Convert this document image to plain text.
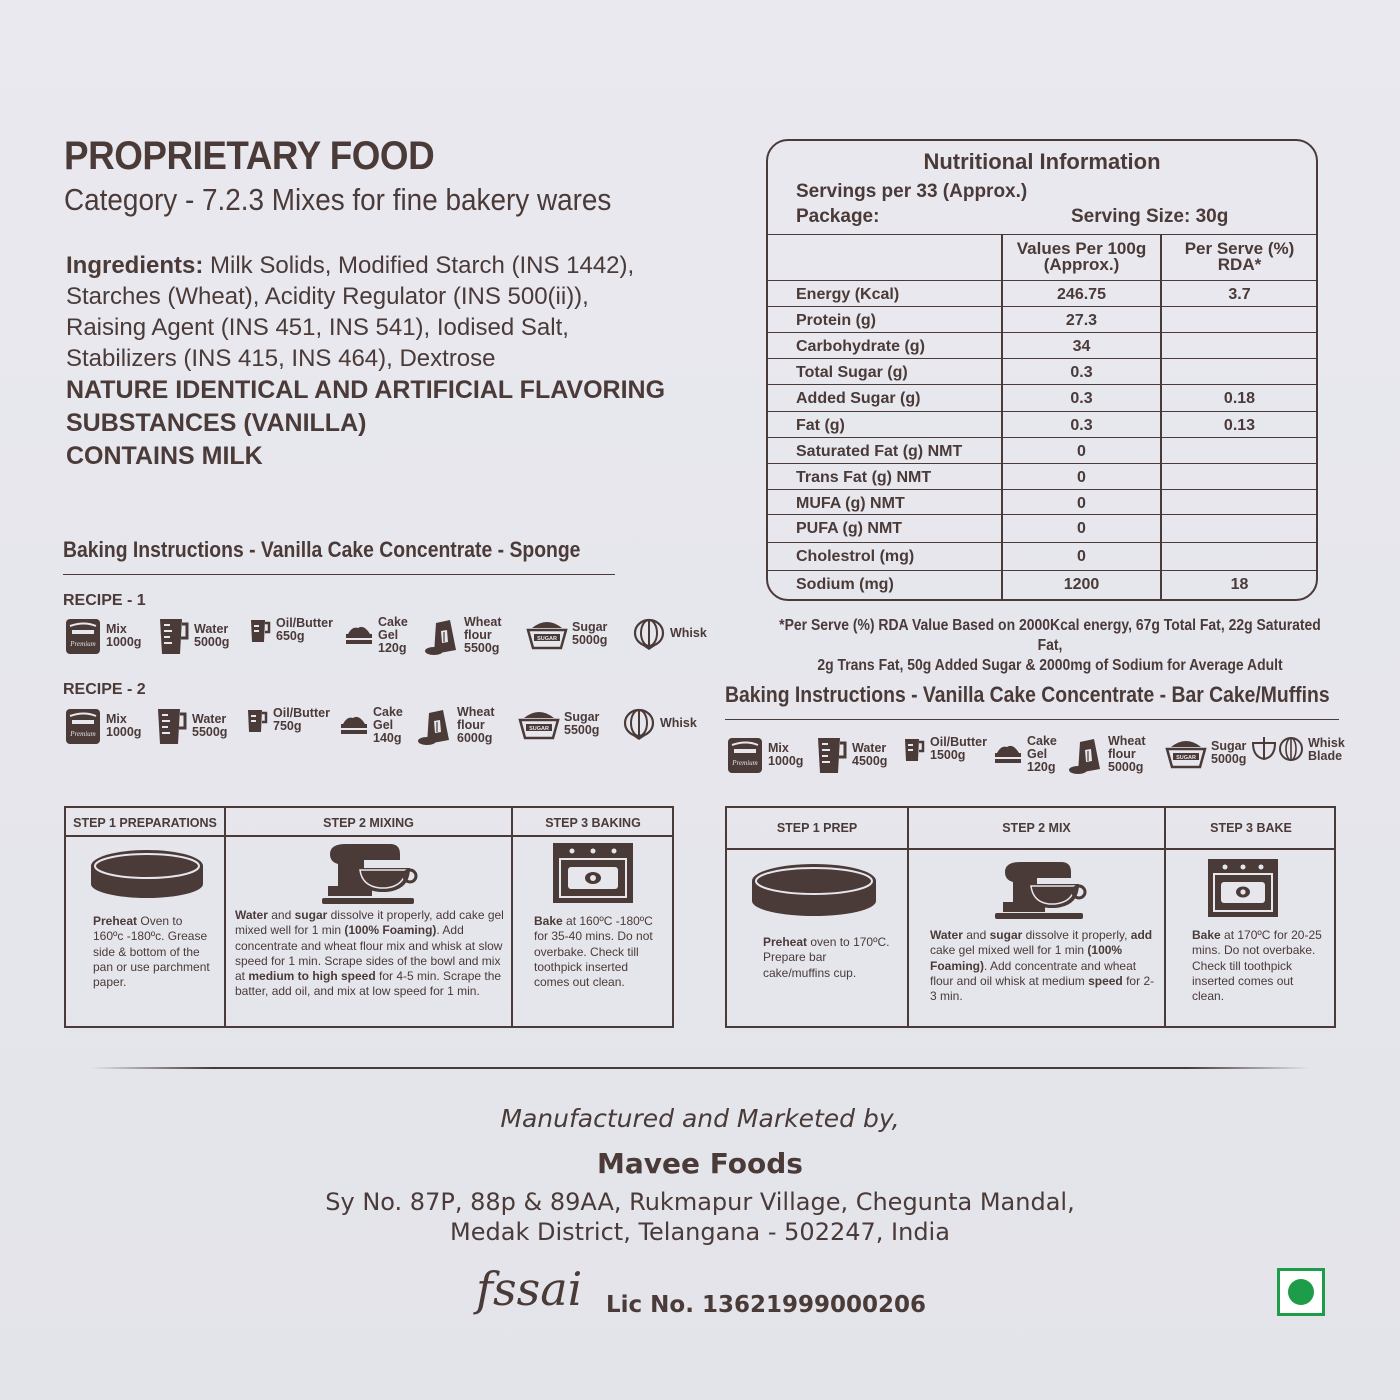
PROPRIETARY FOOD
Category - 7.2.3 Mixes for fine bakery wares
Ingredients: Milk Solids, Modified Starch (INS 1442),
Starches (Wheat), Acidity Regulator (INS 500(ii)),
Raising Agent (INS 451, INS 541), Iodised Salt,
Stabilizers (INS 415, INS 464), Dextrose
NATURE IDENTICAL AND ARTIFICIAL FLAVORING
SUBSTANCES (VANILLA)
CONTAINS MILK
Nutritional Information
Servings per 33 (Approx.)
Package:	Serving Size: 30g
Values Per 100g
(Approx.)
Per Serve (%)
RDA*
Energy (Kcal)	246.75	3.7
Protein (g)	27.3
Carbohydrate (g)	34
Total Sugar (g)	0.3
Added Sugar (g)	0.3	0.18
Fat (g)	0.3	0.13
Saturated Fat (g) NMT	0
Trans Fat (g) NMT	0
MUFA (g) NMT	0
PUFA (g) NMT	0
Cholestrol (mg)	0
Sodium (mg)	1200	18
*Per Serve (%) RDA Value Based on 2000Kcal energy, 67g Total Fat, 22g Saturated Fat,
2g Trans Fat, 50g Added Sugar & 2000mg of Sodium for Average Adult
Baking Instructions - Vanilla Cake Concentrate - Sponge
RECIPE - 1
RECIPE - 2
Premium
Mix
1000g
Water
5000g
Oil/Butter
650g
Cake
Gel
120g
Wheat
flour
5500g
SUGAR
Sugar
5000g
Whisk
Premium
Mix
1000g
Water
5500g
Oil/Butter
750g
Cake
Gel
140g
Wheat
flour
6000g
SUGAR
Sugar
5500g
Whisk
Baking Instructions - Vanilla Cake Concentrate - Bar Cake/Muffins
Premium
Mix
1000g
Water
4500g
Oil/Butter
1500g
Cake
Gel
120g
Wheat
flour
5000g
SUGAR
Sugar
5000g
Whisk
Blade
STEP 1 PREPARATIONS	STEP 2 MIXING	STEP 3 BAKING
Preheat Oven to 160ºc -180ºc. Grease side & bottom of the pan or use parchment paper.
Water and sugar dissolve it properly, add cake gel mixed well for 1 min (100% Foaming). Add concentrate and wheat flour mix and whisk at slow speed for 1 min. Scrape sides of the bowl and mix at medium to high speed for 4-5 min. Scrape the batter, add oil, and mix at low speed for 1 min.
Bake at 160ºC -180ºC for 35-40 mins. Do not overbake. Check till toothpick inserted comes out clean.
STEP 1 PREP	STEP 2 MIX	STEP 3 BAKE
Preheat oven to 170ºC. Prepare bar cake/muffins cup.
Water and sugar dissolve it properly, add cake gel mixed well for 1 min (100% Foaming). Add concentrate and wheat flour and oil whisk at medium speed for 2- 3 min.
Bake at 170ºC for 20-25 mins. Do not overbake. Check till toothpick inserted comes out clean.
Manufactured and Marketed by,
Mavee Foods
Sy No. 87P, 88p & 89AA, Rukmapur Village, Chegunta Mandal,
Medak District, Telangana - 502247, India
fssai Lic No. 13621999000206
